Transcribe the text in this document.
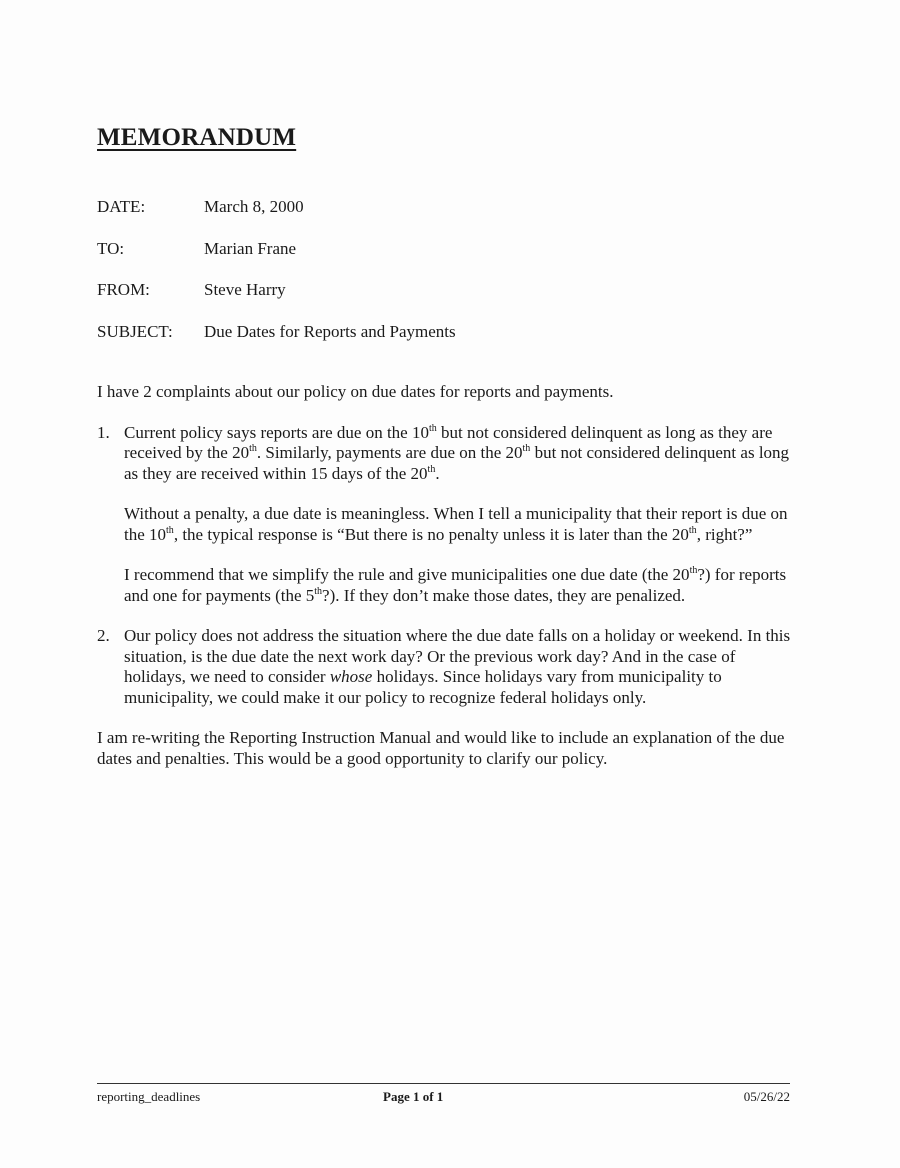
MEMORANDUM
DATE:	March 8, 2000
TO:	Marian Frane
FROM:	Steve Harry
SUBJECT:	Due Dates for Reports and Payments

I have 2 complaints about our policy on due dates for reports and payments.

1. Current policy says reports are due on the 10th but not considered delinquent as long as they are received by the 20th. Similarly, payments are due on the 20th but not considered delinquent as long as they are received within 15 days of the 20th.

Without a penalty, a due date is meaningless. When I tell a municipality that their report is due on the 10th, the typical response is “But there is no penalty unless it is later than the 20th, right?”

I recommend that we simplify the rule and give municipalities one due date (the 20th?) for reports and one for payments (the 5th?). If they don’t make those dates, they are penalized.

2. Our policy does not address the situation where the due date falls on a holiday or weekend. In this situation, is the due date the next work day? Or the previous work day? And in the case of holidays, we need to consider whose holidays. Since holidays vary from municipality to municipality, we could make it our policy to recognize federal holidays only.

I am re-writing the Reporting Instruction Manual and would like to include an explanation of the due dates and penalties. This would be a good opportunity to clarify our policy.

reporting_deadlines	Page 1 of 1	05/26/22
